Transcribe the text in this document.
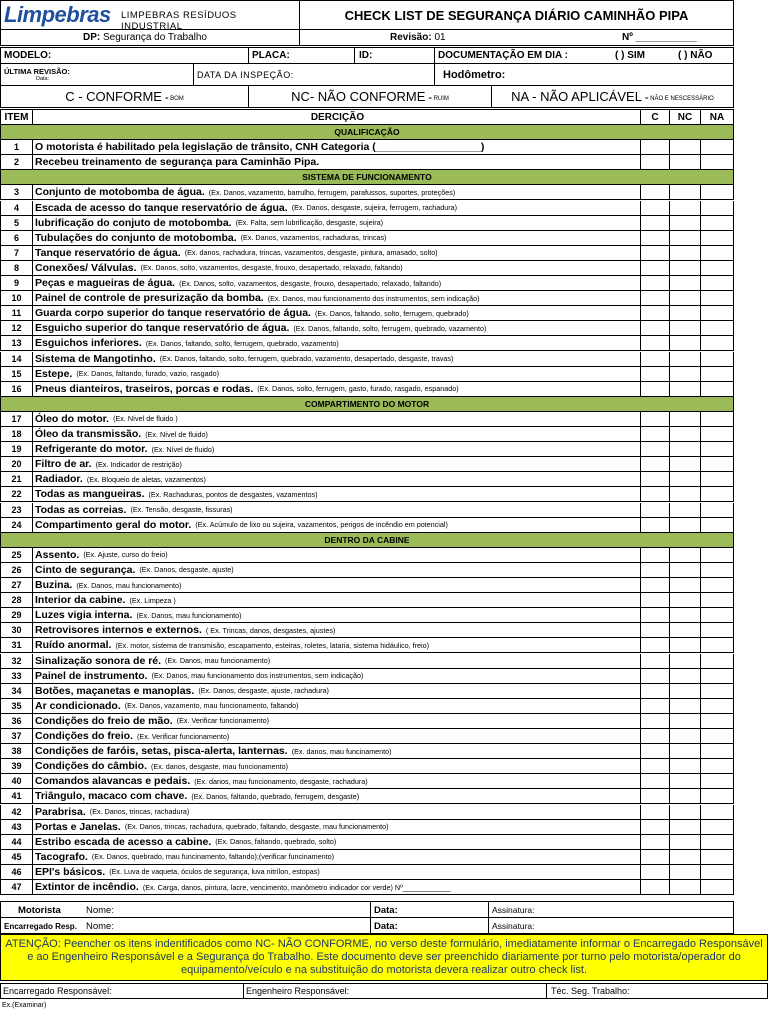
Limpebras LIMPEBRAS RESÍDUOS INDUSTRIAL
CHECK LIST DE SEGURANÇA DIÁRIO CAMINHÃO PIPA
DP:
Segurança do Trabalho	Revisão:
01	Nº ___________
MODELO:	PLACA:	ID:	DOCUMENTAÇÃO EM DIA :	( ) SIM	( ) NÃO
ÚLTIMA REVISÃO:
Data:	DATA DA INSPEÇÃO:	Hodômetro:
C - CONFORME = BOM	NC- NÃO CONFORME = RUIM	NA - NÃO APLICÁVEL = NÃO E NESCESSÁRIO
ITEM	DERCIÇÃO	C	NC	NA
QUALIFICAÇÃO
1	O motorista é habilitado pela legislação de trânsito, CNH Categoria (__________________)
2	Recebeu treinamento de segurança para Caminhão Pipa.
SISTEMA DE FUNCIONAMENTO
3	Conjunto de motobomba de água. (Ex. Danos, vazamento, barrulho, ferrugem, parafussos, suportes, proteções)
4	Escada de acesso do tanque reservatório de água. (Ex. Danos, desgaste, sujeira, ferrugem, rachadura)
5	lubrificação do conjuto de motobomba. (Ex. Falta, sem lubrificação, desgaste, sujeira)
6	Tubulações do conjunto de motobomba. (Ex. Danos, vazamentos, rachaduras, trincas)
7	Tanque reservatório de água. (Ex. danos, rachadura, trincas, vazamentos, desgaste, pintura, amasado, solto)
8	Conexões/ Válvulas. (Ex. Danos, solto, vazamentos, desgaste, frouxo, desapertado, relaxado, faltando)
9	Peças e magueiras de água. (Ex. Danos, solto, vazamentos, desgaste, frouxo, desapertado, relaxado, faltando)
10	Painel de controle de presurização da bomba. (Ex. Danos, mau funcionamento dos instrumentos, sem indicação)
11	Guarda corpo superior do tanque reservatório de água. (Ex. Danos, faltando, solto, ferrugem, quebrado)
12	Esguicho superior do tanque reservatório de água. (Ex. Danos, faltando, solto, ferrugem, quebrado, vazamento)
13	Esguichos inferiores. (Ex. Danos, faltando, solto, ferrugem, quebrado, vazamento)
14	Sistema de Mangotinho. (Ex. Danos, faltando, solto, ferrugem, quebrado, vazamento, desapertado, desgaste, travas)
15	Estepe. (Ex. Danos, faltando, furado, vazio, rasgado)
16	Pneus dianteiros, traseiros, porcas e rodas. (Ex. Danos, solto, ferrugem, gasto, furado, rasgado, espanado)
COMPARTIMENTO DO MOTOR
17	Óleo do motor. (Ex. Nível de fluido )
18	Óleo da transmissão. (Ex. Nível de fluido)
19	Refrigerante do motor. (Ex. Nível de fluido)
20	Filtro de ar. (Ex. Indicador de restrição)
21	Radiador. (Ex. Bloqueio de aletas, vazamentos)
22	Todas as mangueiras. (Ex. Rachaduras, pontos de desgastes, vazamentos)
23	Todas as correias. (Ex. Tensão, desgaste, fissuras)
24	Compartimento geral do motor. (Ex. Acúmulo de lixo ou sujeira, vazamentos, perigos de incêndio em potencial)
DENTRO DA CABINE
25	Assento. (Ex. Ajuste, curso do freio)
26	Cinto de segurança. (Ex. Danos, desgaste, ajuste)
27	Buzina. (Ex. Danos, mau funcionamento)
28	Interior da cabine. (Ex. Limpeza )
29	Luzes vigia interna. (Ex. Danos, mau funcionamento)
30	Retrovisores internos e externos. ( Ex. Trincas, danos, desgastes, ajustes)
31	Ruído anormal. (Ex. motor, sistema de transmisão, escapamento, esteiras, roletes, lataria, sistema hidáulico, freio)
32	Sinalização sonora de ré. (Ex. Danos, mau funcionamento)
33	Painel de instrumento. (Ex. Danos, mau funcionamento dos instrumentos, sem indicação)
34	Botões, maçanetas e manoplas. (Ex. Danos, desgaste, ajuste, rachadura)
35	Ar condicionado. (Ex. Danos, vazamento, mau funcionamento, faltando)
36	Condições do freio de mão. (Ex. Verificar funcionamento)
37	Condições do freio. (Ex. Verificar funcionamento)
38	Condições de faróis, setas, pisca-alerta, lanternas. (Ex. danos, mau funcinamento)
39	Condições do câmbio. (Ex. danos, desgaste, mau funcionamento)
40	Comandos alavancas e pedais. (Ex. danos, mau funcionamento, desgaste, rachadura)
41	Triângulo, macaco com chave. (Ex. Danos, faltando, quebrado, ferrugem, desgaste)
42	Parabrisa. (Ex. Danos, trincas, rachadura)
43	Portas e Janelas. (Ex. Danos, trincas, rachadura, quebrado, faltando, desgaste, mau funcionamento)
44	Estribo escada de acesso a cabine. (Ex. Danos, faltando, quebrado, solto)
45	Tacografo. (Ex. Danos, quebrado, mau funcinamento, faltando);(verificar funcinamento)
46	EPI's básicos. (Ex. Luva de vaqueta, óculos de segurança, luva nitrílon, estopas)
47	Extintor de incêndio. (Ex. Carga, danos, pintura, lacre, vencimento, manômetro indicador cor verde) Nº____________
Motorista	Nome:	Data:	Assinatura:
Encarregado Resp. Nome:	Data:	Assinatura:
ATENÇÃO: Peencher os itens indentificados como NC- NÃO CONFORME, no verso deste formulário, imediatamente informar o Encarregado Responsável e ao Engenheiro Responsável e a Segurança do Trabalho. Este documento deve ser preenchido diariamente por turno pelo motorista/operador do equipamento/veículo e na substituição do motorista devera realizar outro check list.
Encarregado Responsável:	Engenheiro Responsável:	Téc. Seg. Trabalho:
Ex.(Examinar)
